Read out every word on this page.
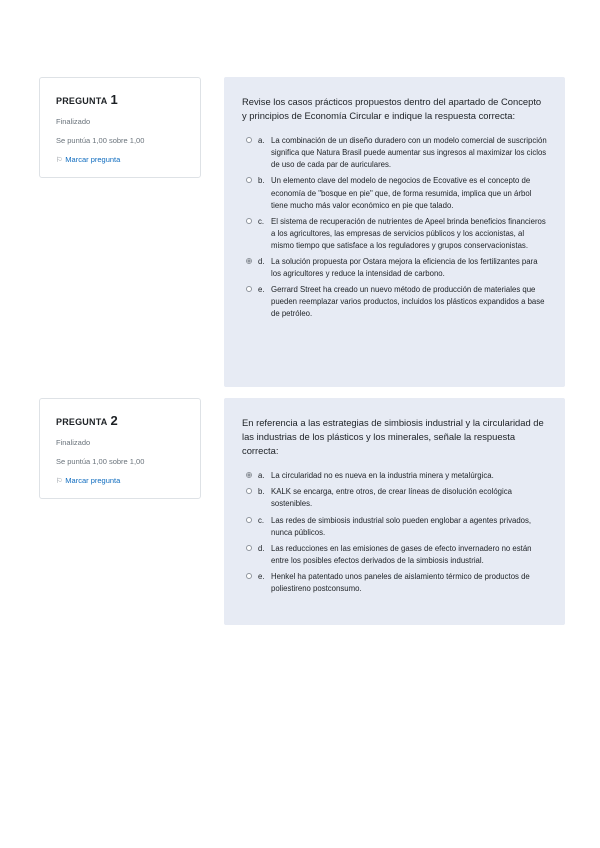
PREGUNTA 1
Finalizado
Se puntúa 1,00 sobre 1,00
⚐ Marcar pregunta

Revise los casos prácticos propuestos dentro del apartado de Concepto y principios de Economía Circular e indique la respuesta correcta:

a. La combinación de un diseño duradero con un modelo comercial de suscripción significa que Natura Brasil puede aumentar sus ingresos al maximizar los ciclos de uso de cada par de auriculares.
b. Un elemento clave del modelo de negocios de Ecovative es el concepto de economía de "bosque en pie" que, de forma resumida, implica que un árbol tiene mucho más valor económico en pie que talado.
c. El sistema de recuperación de nutrientes de Apeel brinda beneficios financieros a los agricultores, las empresas de servicios públicos y los accionistas, al mismo tiempo que satisface a los reguladores y grupos conservacionistas.
d. La solución propuesta por Ostara mejora la eficiencia de los fertilizantes para los agricultores y reduce la intensidad de carbono.
e. Gerrard Street ha creado un nuevo método de producción de materiales que pueden reemplazar varios productos, incluidos los plásticos expandidos a base de petróleo.
PREGUNTA 2
Finalizado
Se puntúa 1,00 sobre 1,00
⚐ Marcar pregunta

En referencia a las estrategias de simbiosis industrial y la circularidad de las industrias de los plásticos y los minerales, señale la respuesta correcta:

a. La circularidad no es nueva en la industria minera y metalúrgica.
b. KALK se encarga, entre otros, de crear líneas de disolución ecológica sostenibles.
c. Las redes de simbiosis industrial solo pueden englobar a agentes privados, nunca públicos.
d. Las reducciones en las emisiones de gases de efecto invernadero no están entre los posibles efectos derivados de la simbiosis industrial.
e. Henkel ha patentado unos paneles de aislamiento térmico de productos de poliestireno postconsumo.
